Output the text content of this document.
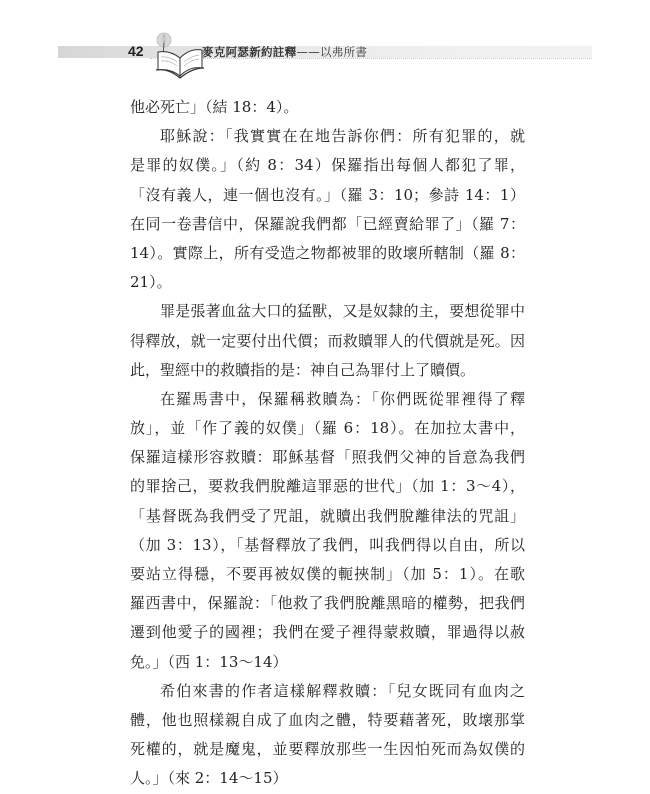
42	麥克阿瑟新約註釋——以弗所書
他必死亡」（結 18：4）。
耶穌說：「我實實在在地告訴你們：所有犯罪的，就
是罪的奴僕。」（約 8：34）保羅指出每個人都犯了罪，
「沒有義人，連一個也沒有。」（羅 3：10；參詩 14：1）
在同一卷書信中，保羅說我們都「已經賣給罪了」（羅 7：
14）。實際上，所有受造之物都被罪的敗壞所轄制（羅 8：
21）。
罪是張著血盆大口的猛獸，又是奴隸的主，要想從罪中
得釋放，就一定要付出代價；而救贖罪人的代價就是死。因
此，聖經中的救贖指的是：神自己為罪付上了贖價。
在羅馬書中，保羅稱救贖為：「你們既從罪裡得了釋
放」，並「作了義的奴僕」（羅 6：18）。在加拉太書中，
保羅這樣形容救贖：耶穌基督「照我們父神的旨意為我們
的罪捨己，要救我們脫離這罪惡的世代」（加 1：3～4），
「基督既為我們受了咒詛，就贖出我們脫離律法的咒詛」
（加 3：13），「基督釋放了我們，叫我們得以自由，所以
要站立得穩，不要再被奴僕的軛挾制」（加 5：1）。在歌
羅西書中，保羅說：「他救了我們脫離黑暗的權勢，把我們
遷到他愛子的國裡；我們在愛子裡得蒙救贖，罪過得以赦
免。」（西 1：13～14）
希伯來書的作者這樣解釋救贖：「兒女既同有血肉之
體，他也照樣親自成了血肉之體，特要藉著死，敗壞那掌
死權的，就是魔鬼，並要釋放那些一生因怕死而為奴僕的
人。」（來 2：14～15）
